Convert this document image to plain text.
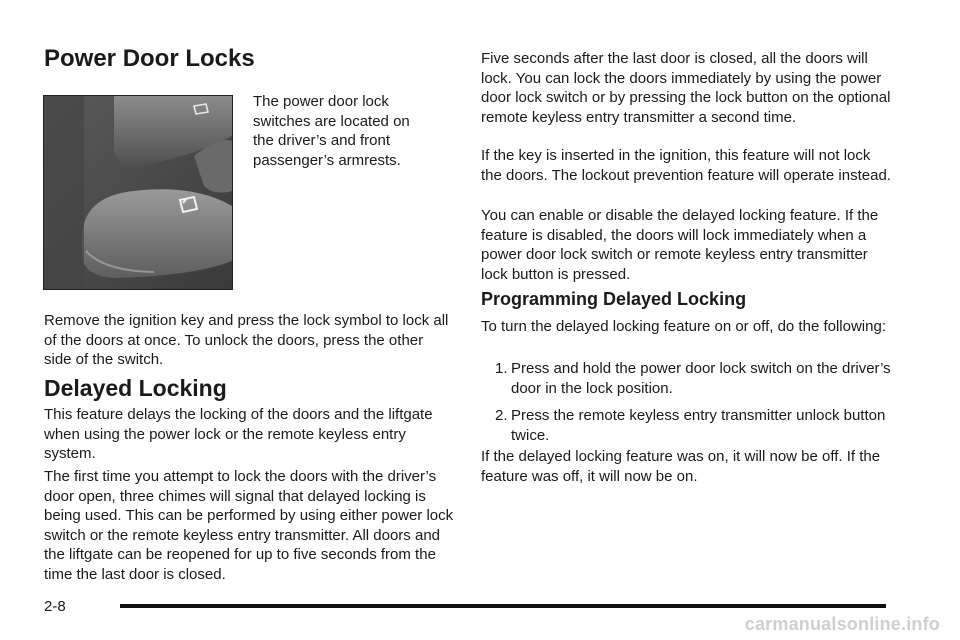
Power Door Locks

The power door lock switches are located on the driver’s and front passenger’s armrests.

Remove the ignition key and press the lock symbol to lock all of the doors at once. To unlock the doors, press the other side of the switch.

Delayed Locking

This feature delays the locking of the doors and the liftgate when using the power lock or the remote keyless entry system.

The first time you attempt to lock the doors with the driver’s door open, three chimes will signal that delayed locking is being used. This can be performed by using either power lock switch or the remote keyless entry transmitter. All doors and the liftgate can be reopened for up to five seconds from the time the last door is closed.

Five seconds after the last door is closed, all the doors will lock. You can lock the doors immediately by using the power door lock switch or by pressing the lock button on the optional remote keyless entry transmitter a second time.

If the key is inserted in the ignition, this feature will not lock the doors. The lockout prevention feature will operate instead.

You can enable or disable the delayed locking feature. If the feature is disabled, the doors will lock immediately when a power door lock switch or remote keyless entry transmitter lock button is pressed.

Programming Delayed Locking

To turn the delayed locking feature on or off, do the following:

1. Press and hold the power door lock switch on the driver’s door in the lock position.
2. Press the remote keyless entry transmitter unlock button twice.

If the delayed locking feature was on, it will now be off. If the feature was off, it will now be on.

2-8
carmanualsonline.info
